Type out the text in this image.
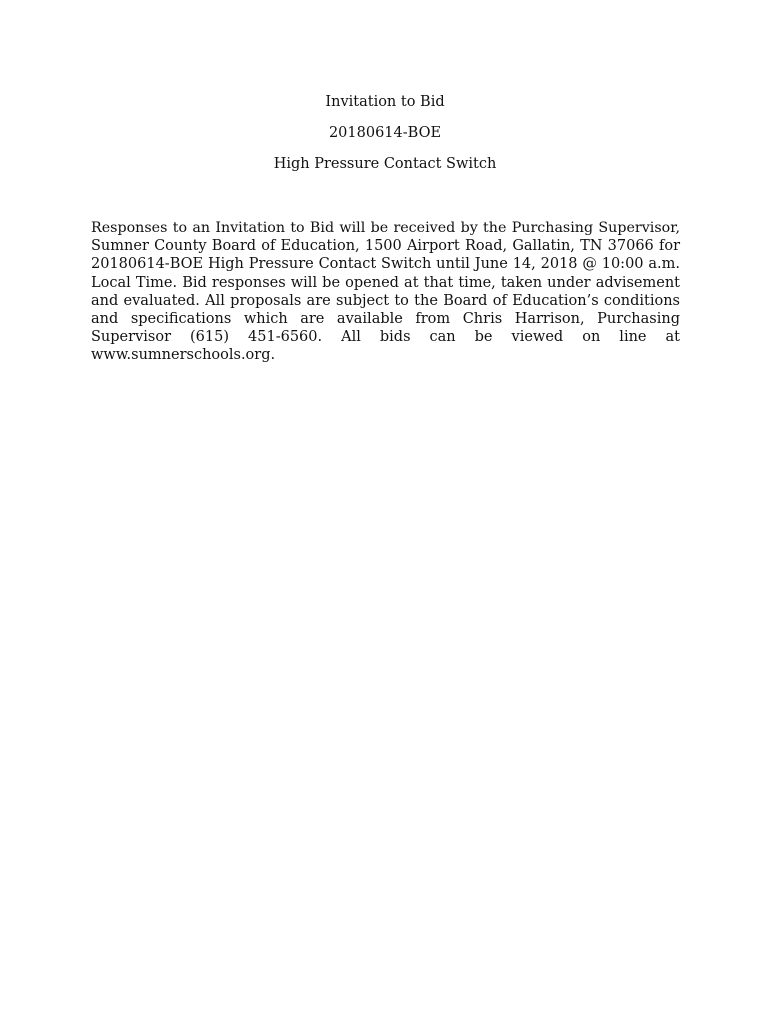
Invitation to Bid
20180614-BOE
High Pressure Contact Switch

Responses to an Invitation to Bid will be received by the Purchasing Supervisor,
Sumner County Board of Education, 1500 Airport Road, Gallatin, TN 37066 for
20180614-BOE High Pressure Contact Switch until June 14, 2018 @ 10:00 a.m.
Local Time. Bid responses will be opened at that time, taken under advisement
and evaluated. All proposals are subject to the Board of Education’s conditions
and specifications which are available from Chris Harrison, Purchasing
Supervisor (615) 451-6560. All bids can be viewed on line at
www.sumnerschools.org.
